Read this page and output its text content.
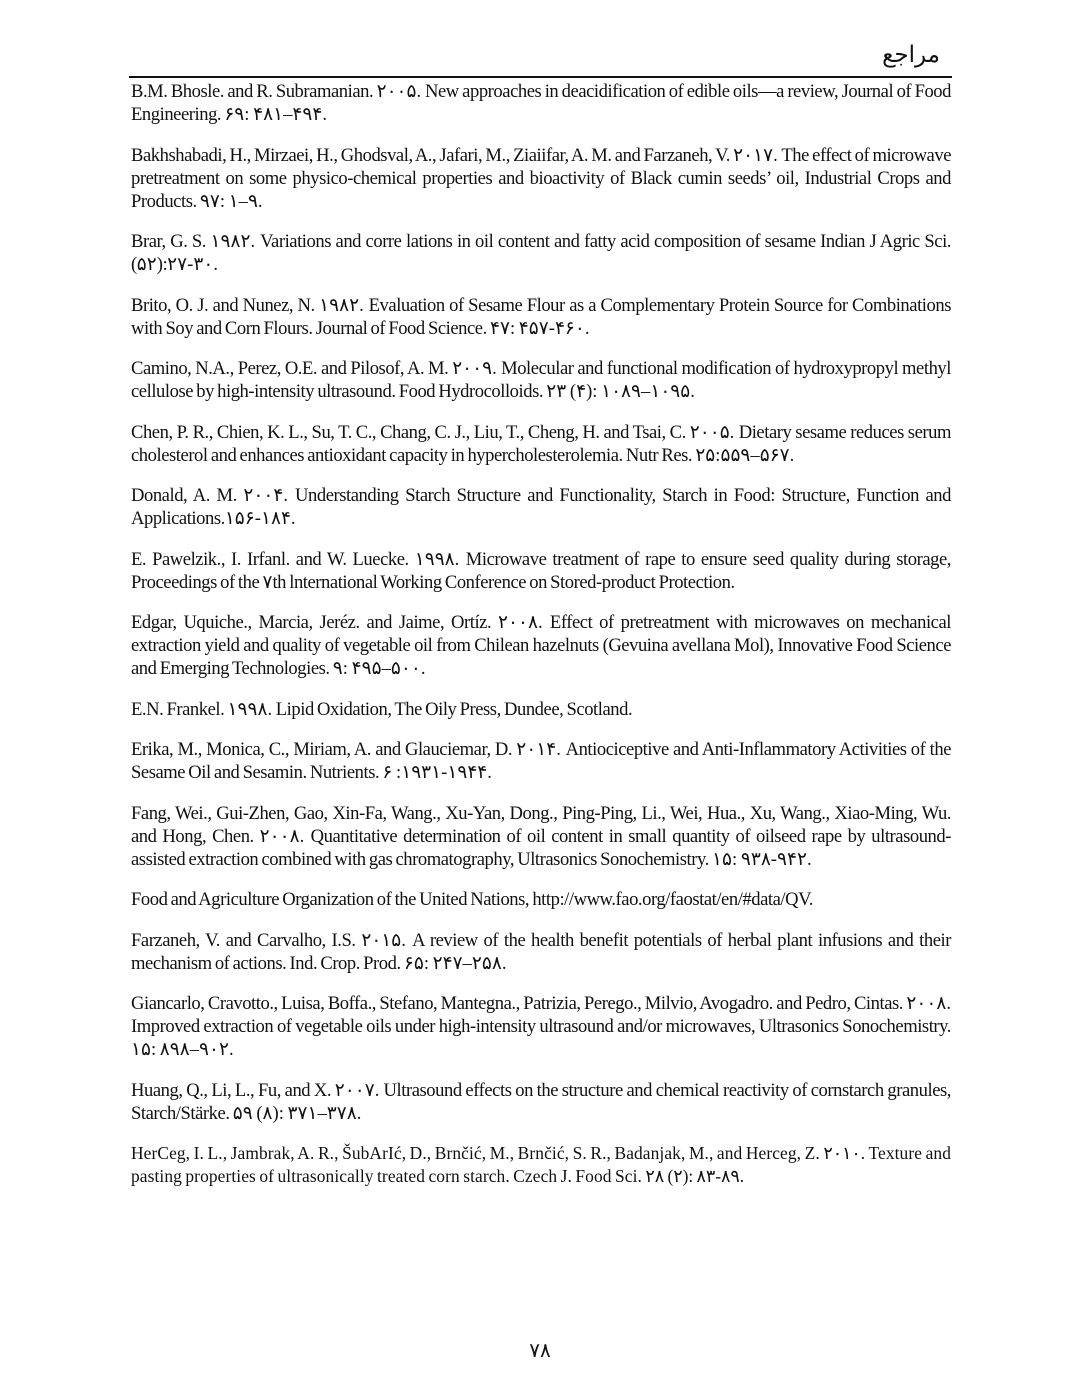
مراجع

B.M. Bhosle. and R. Subramanian. ۲۰۰۵. New approaches in deacidification of edible oils—a review, Journal of Food Engineering. ۶۹: ۴۸۱–۴۹۴.

Bakhshabadi, H., Mirzaei, H., Ghodsval, A., Jafari, M., Ziaiifar, A. M. and Farzaneh, V. ۲۰۱۷. The effect of microwave pretreatment on some physico-chemical properties and bioactivity of Black cumin seeds’ oil, Industrial Crops and Products. ۹۷: ۱–۹.

Brar, G. S. ۱۹۸۲. Variations and corre lations in oil content and fatty acid composition of sesame Indian J Agric Sci. (۵۲):۲۷-۳۰.

Brito, O. J. and Nunez, N. ۱۹۸۲. Evaluation of Sesame Flour as a Complementary Protein Source for Combinations with Soy and Corn Flours. Journal of Food Science. ۴۷: ۴۵۷-۴۶۰.

Camino, N.A., Perez, O.E. and Pilosof, A. M. ۲۰۰۹. Molecular and functional modification of hydroxypropyl methyl cellulose by high-intensity ultrasound. Food Hydrocolloids. ۲۳ (۴): ۱۰۸۹–۱۰۹۵.

Chen, P. R., Chien, K. L., Su, T. C., Chang, C. J., Liu, T., Cheng, H. and Tsai, C. ۲۰۰۵. Dietary sesame reduces serum cholesterol and enhances antioxidant capacity in hypercholesterolemia. Nutr Res. ۲۵:۵۵۹–۵۶۷.

Donald, A. M. ۲۰۰۴. Understanding Starch Structure and Functionality, Starch in Food: Structure, Function and Applications.۱۵۶-۱۸۴.

E. Pawelzik., I. Irfanl. and W. Luecke. ۱۹۹۸. Microwave treatment of rape to ensure seed quality during storage, Proceedings of the ۷th lnternational Working Conference on Stored-product Protection.

Edgar, Uquiche., Marcia, Jeréz. and Jaime, Ortíz. ۲۰۰۸. Effect of pretreatment with microwaves on mechanical extraction yield and quality of vegetable oil from Chilean hazelnuts (Gevuina avellana Mol), Innovative Food Science and Emerging Technologies. ۹: ۴۹۵–۵۰۰.

E.N. Frankel. ۱۹۹۸. Lipid Oxidation, The Oily Press, Dundee, Scotland.

Erika, M., Monica, C., Miriam, A. and Glauciemar, D. ۲۰۱۴. Antiociceptive and Anti-Inflammatory Activities of the Sesame Oil and Sesamin. Nutrients. ۶ :۱۹۳۱-۱۹۴۴.

Fang, Wei., Gui-Zhen, Gao, Xin-Fa, Wang., Xu-Yan, Dong., Ping-Ping, Li., Wei, Hua., Xu, Wang., Xiao-Ming, Wu. and Hong, Chen. ۲۰۰۸. Quantitative determination of oil content in small quantity of oilseed rape by ultrasound-assisted extraction combined with gas chromatography, Ultrasonics Sonochemistry. ۱۵: ۹۳۸-۹۴۲.

Food and Agriculture Organization of the United Nations, http://www.fao.org/faostat/en/#data/QV.

Farzaneh, V. and Carvalho, I.S. ۲۰۱۵. A review of the health benefit potentials of herbal plant infusions and their mechanism of actions. Ind. Crop. Prod. ۶۵: ۲۴۷–۲۵۸.

Giancarlo, Cravotto., Luisa, Boffa., Stefano, Mantegna., Patrizia, Perego., Milvio, Avogadro. and Pedro, Cintas. ۲۰۰۸. Improved extraction of vegetable oils under high-intensity ultrasound and/or microwaves, Ultrasonics Sonochemistry. ۱۵: ۸۹۸–۹۰۲.

Huang, Q., Li, L., Fu, and X. ۲۰۰۷. Ultrasound effects on the structure and chemical reactivity of cornstarch granules, Starch/Stärke. ۵۹ (۸): ۳۷۱–۳۷۸.

HerCeg, I. L., Jambrak, A. R., ŠubArIć, D., Brnčić, M., Brnčić, S. R., Badanjak, M., and Herceg, Z. ۲۰۱۰. Texture and pasting properties of ultrasonically treated corn starch. Czech J. Food Sci. ۲۸ (۲): ۸۳-۸۹.

۷۸
